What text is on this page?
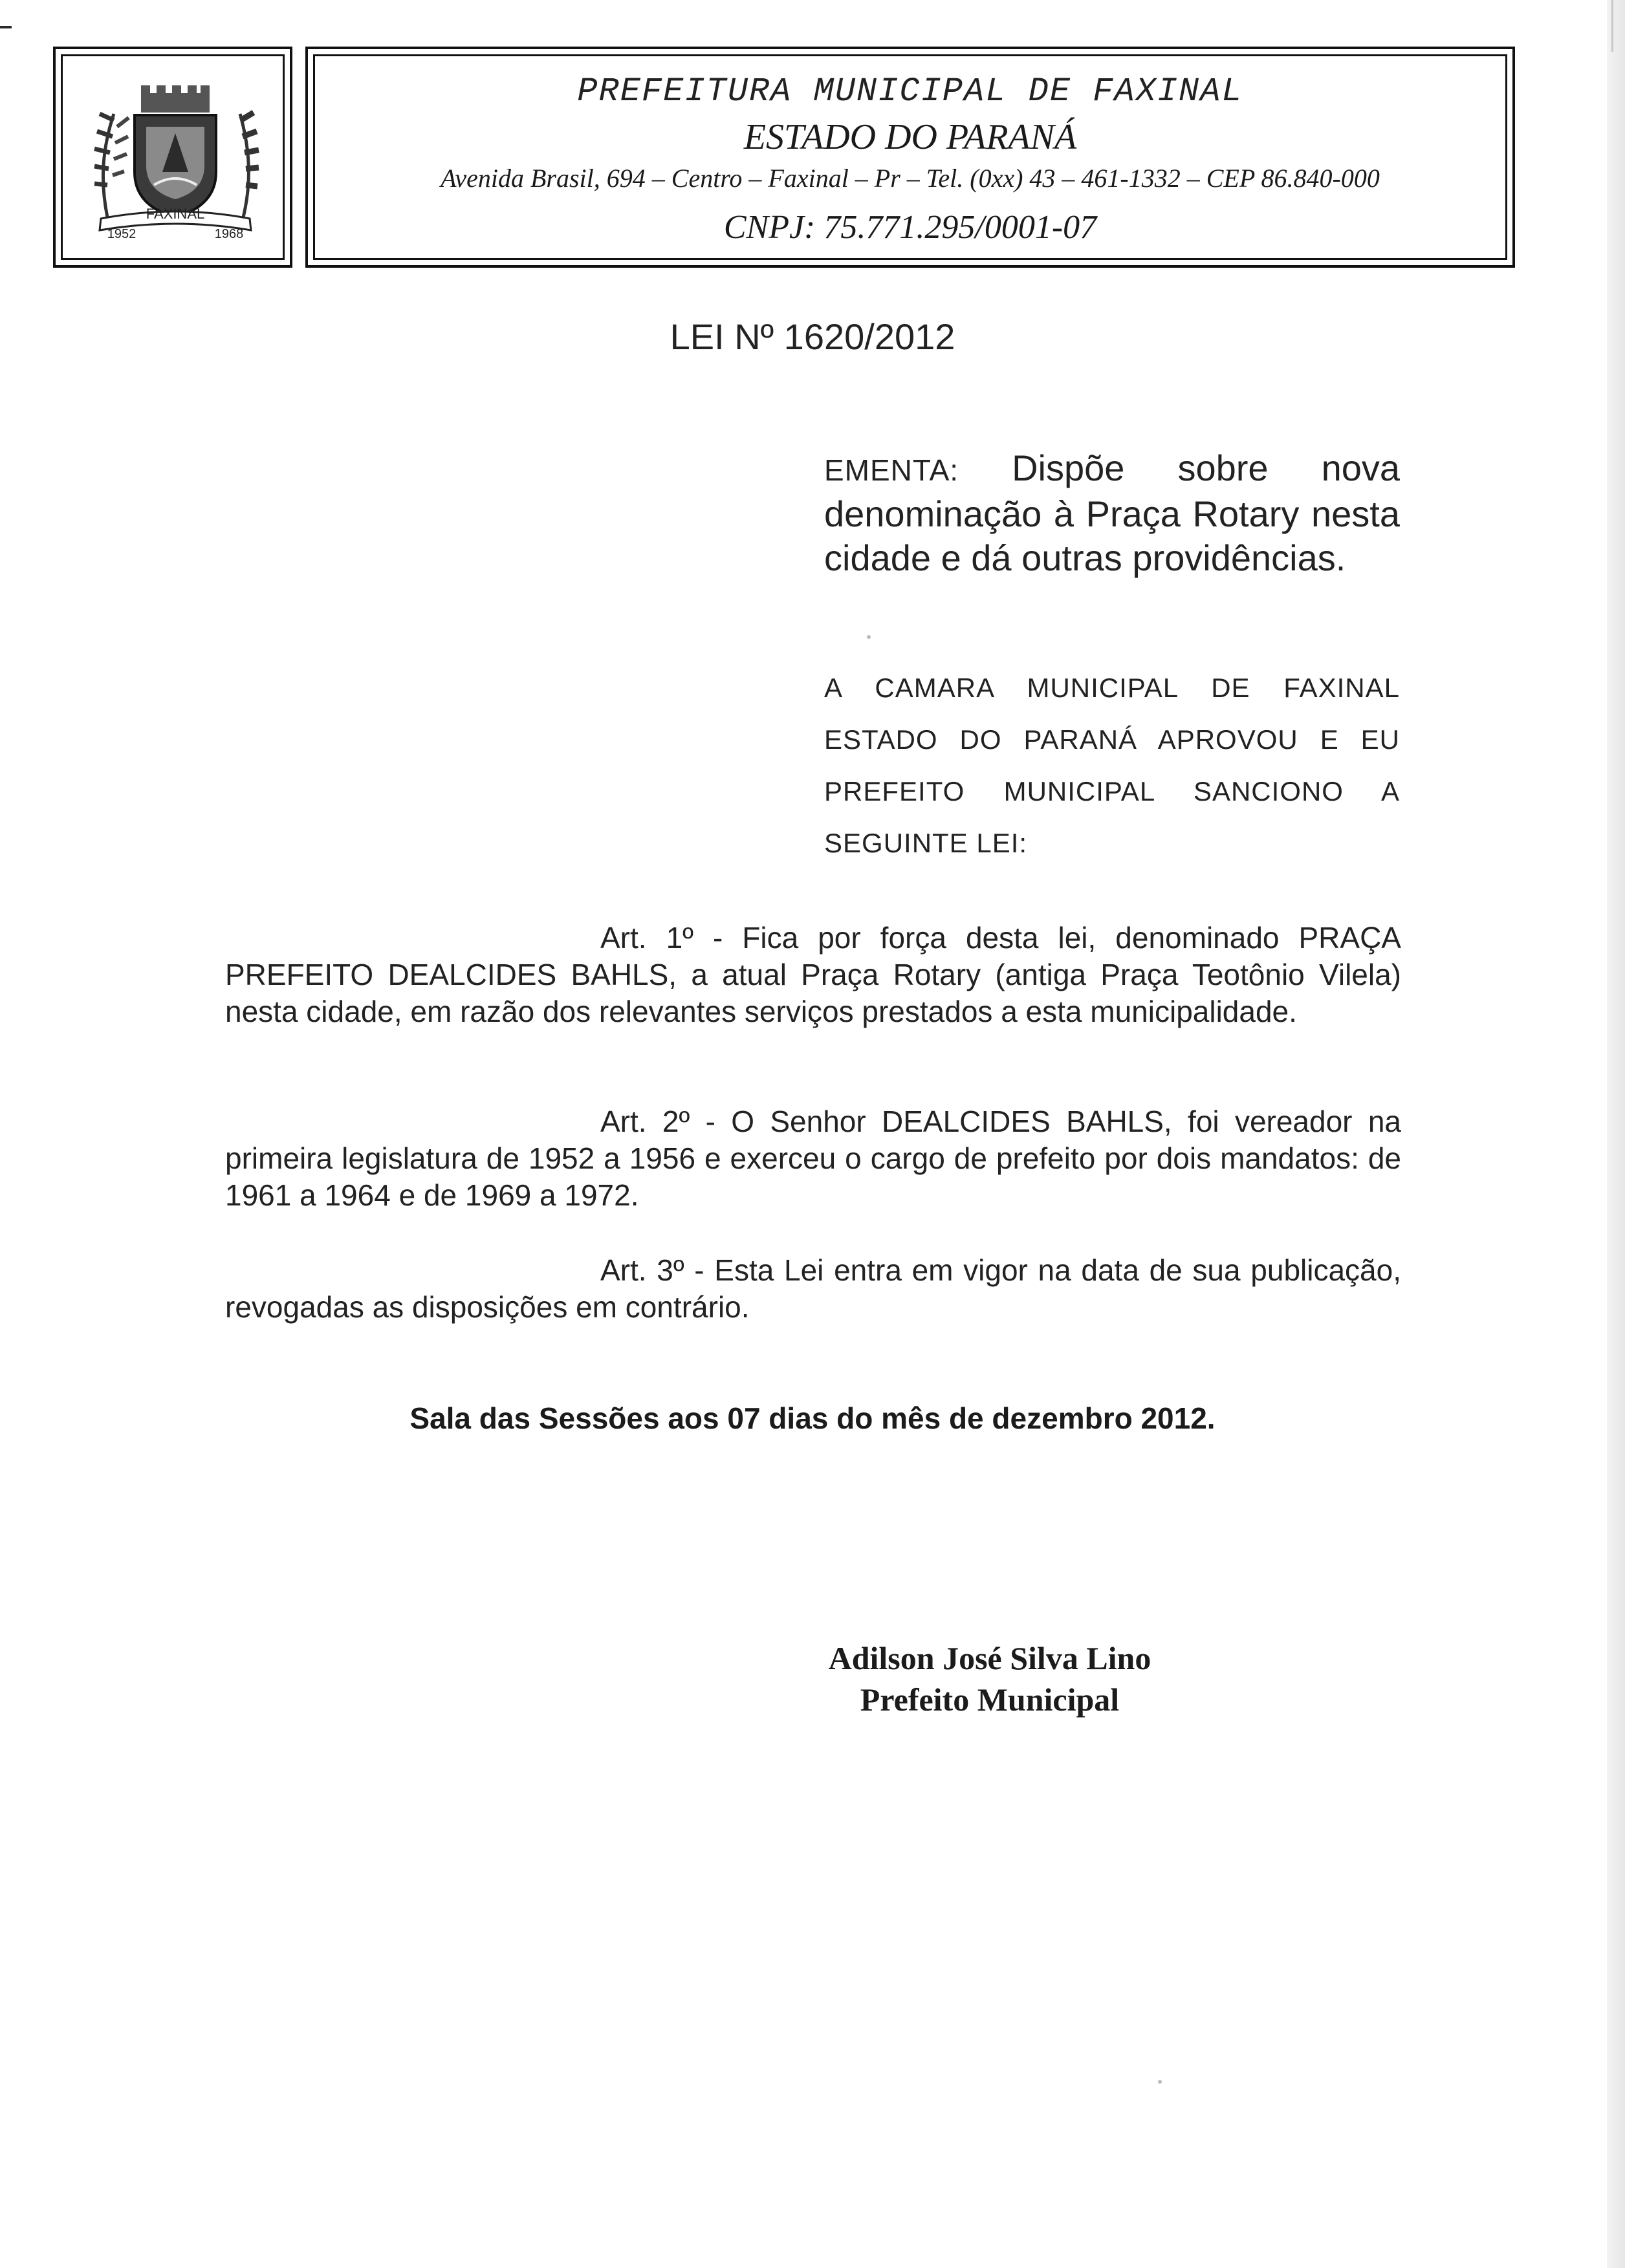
FAXINAL
1952	1968
PREFEITURA MUNICIPAL DE FAXINAL
ESTADO DO PARANÁ
Avenida Brasil, 694 – Centro – Faxinal – Pr – Tel. (0xx) 43 – 461-1332 – CEP 86.840-000
CNPJ: 75.771.295/0001-07
LEI Nº 1620/2012
EMENTA: Dispõe sobre nova denominação à Praça Rotary nesta cidade e dá outras providências.
A CAMARA MUNICIPAL DE FAXINAL ESTADO DO PARANÁ APROVOU E EU PREFEITO MUNICIPAL SANCIONO A SEGUINTE LEI:
Art. 1º - Fica por força desta lei, denominado PRAÇA PREFEITO DEALCIDES BAHLS, a atual Praça Rotary (antiga Praça Teotônio Vilela) nesta cidade, em razão dos relevantes serviços prestados a esta municipalidade.
Art. 2º - O Senhor DEALCIDES BAHLS, foi vereador na primeira legislatura de 1952 a 1956 e exerceu o cargo de prefeito por dois mandatos: de 1961 a 1964 e de 1969 a 1972.
Art. 3º - Esta Lei entra em vigor na data de sua publicação, revogadas as disposições em contrário.
Sala das Sessões aos 07 dias do mês de dezembro 2012.
Adilson José Silva Lino
Prefeito Municipal
